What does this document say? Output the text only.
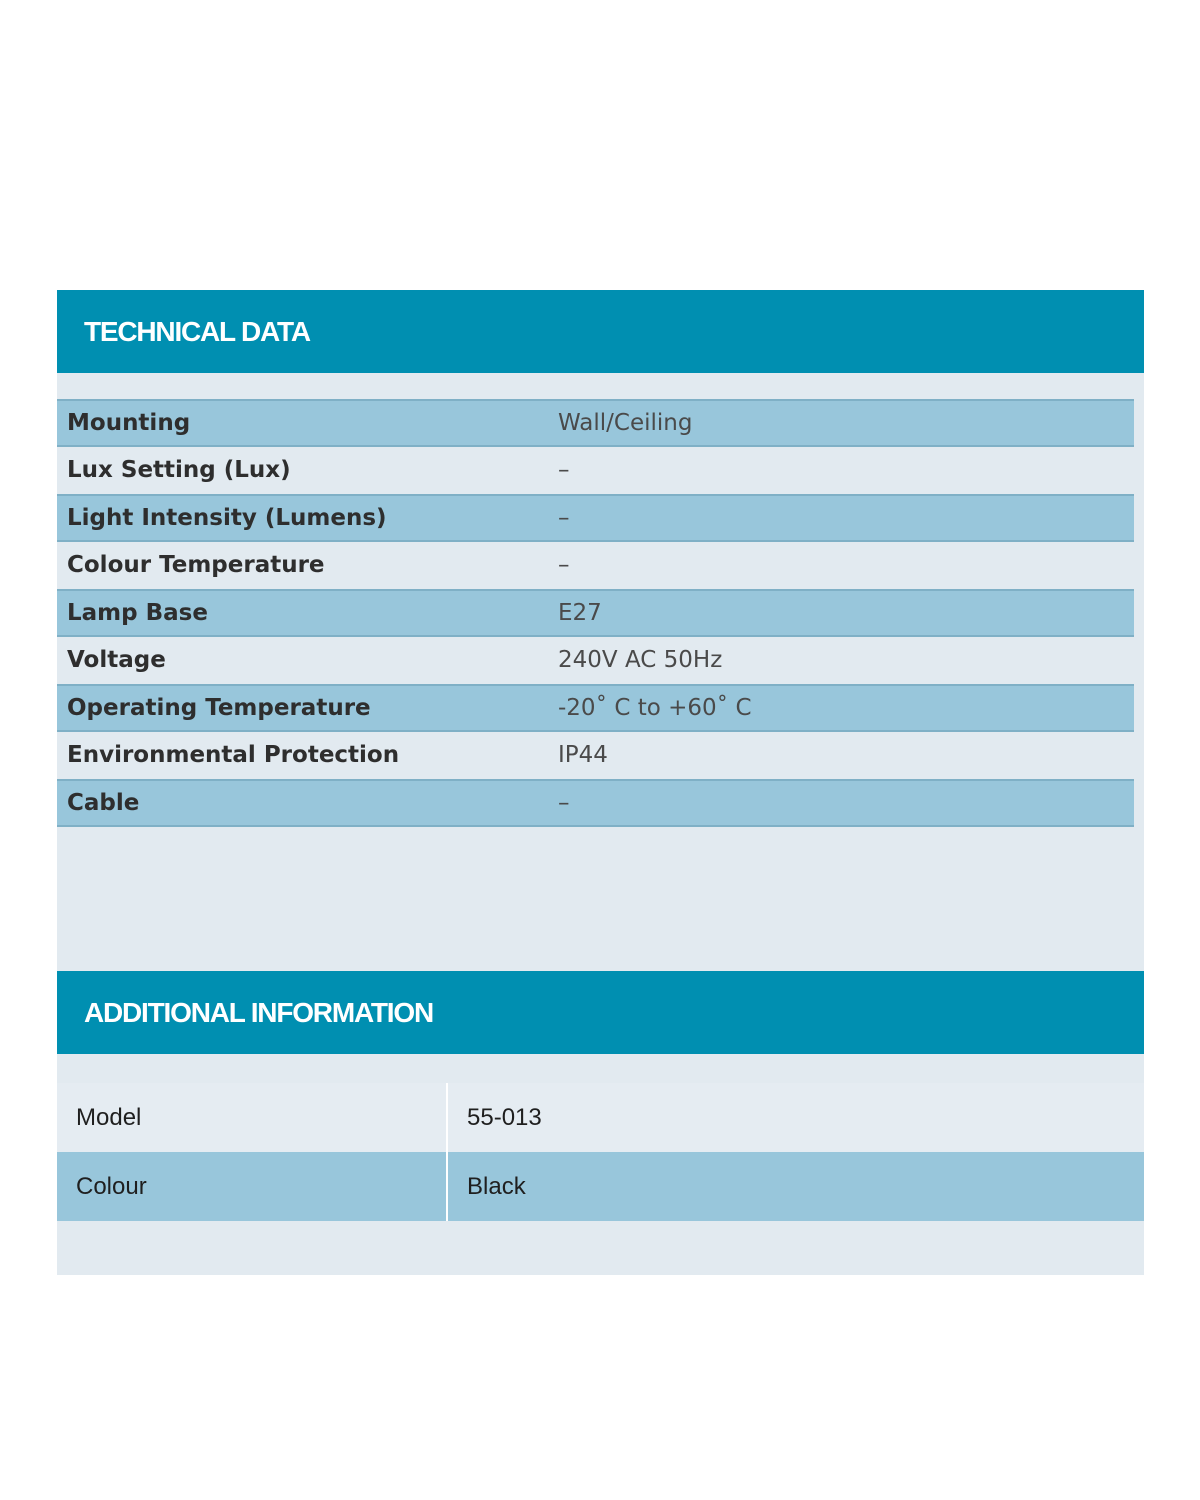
TECHNICAL DATA
Mounting	Wall/Ceiling
Lux Setting (Lux)	–
Light Intensity (Lumens)	–
Colour Temperature	–
Lamp Base	E27
Voltage	240V AC 50Hz
Operating Temperature	-20˚ C to +60˚ C
Environmental Protection	IP44
Cable	–
ADDITIONAL INFORMATION
Model	55-013
Colour	Black
